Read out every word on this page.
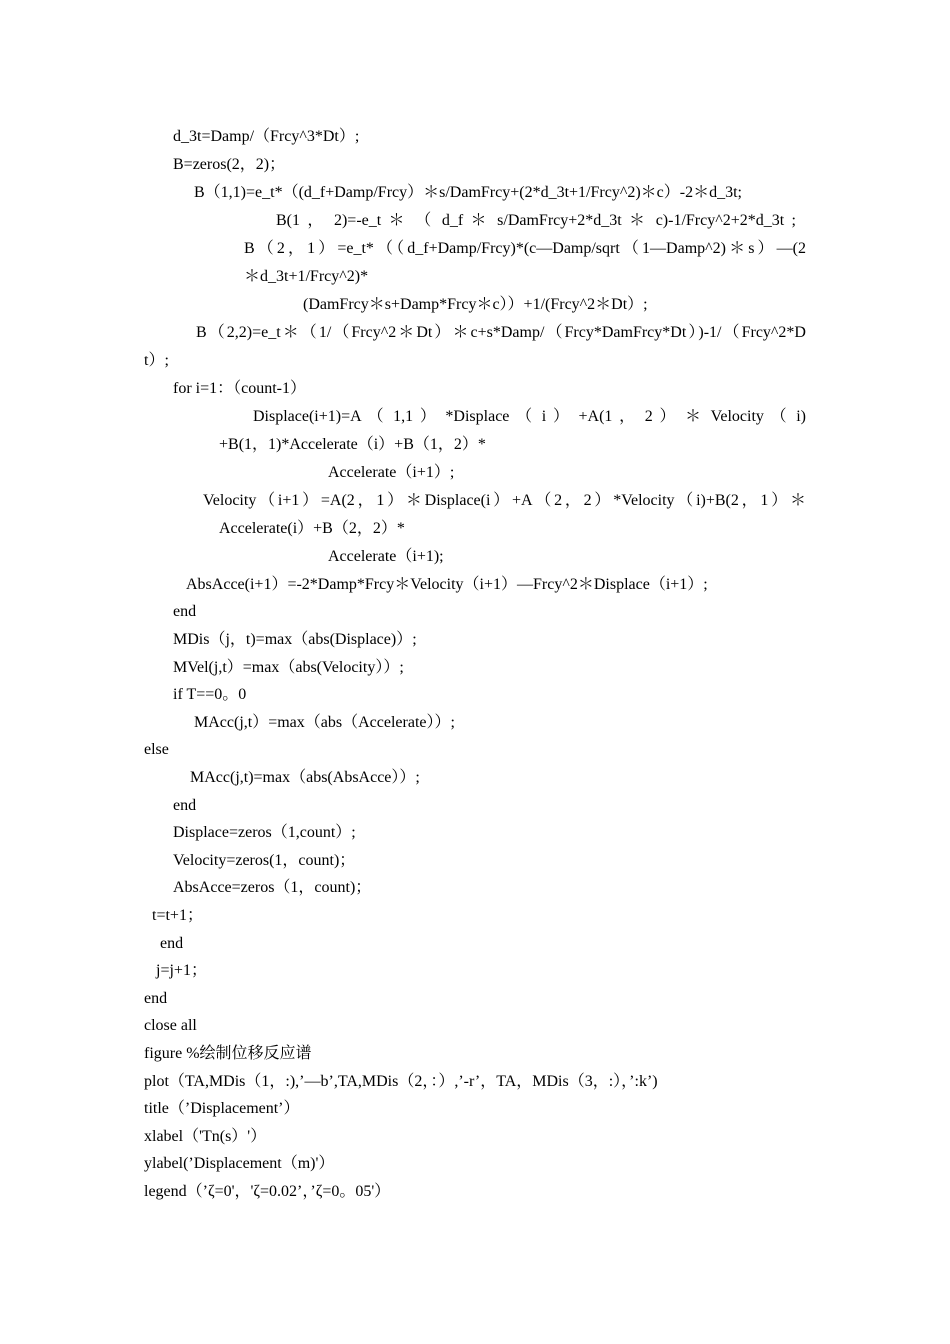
d_3t=Damp/（Frcy^3*Dt）;
B=zeros(2，2)；
B（1,1)=e_t*（(d_f+Damp/Frcy）＊s/DamFrcy+(2*d_3t+1/Frcy^2)＊c）-2＊d_3t;
B(1 ， 2)=-e_t ＊ （ d_f ＊ s/DamFrcy+2*d_3t ＊ c)-1/Frcy^2+2*d_3t ;
B（2，1）=e_t*（（d_f+Damp/Frcy)*(c—Damp/sqrt（1—Damp^2)＊s）—(2
＊d_3t+1/Frcy^2)*
(DamFrcy＊s+Damp*Frcy＊c））+1/(Frcy^2＊Dt）;
B（2,2)=e_t＊（1/（Frcy^2＊Dt）＊c+s*Damp/（Frcy*DamFrcy*Dt）)-1/（Frcy^2*D
t）;
for i=1：（count-1）
Displace(i+1)=A （ 1,1 ） *Displace （ i ） +A(1 ， 2 ） ＊ Velocity （ i)
+B(1，1)*Accelerate（i）+B（1，2）*
Accelerate（i+1）;
Velocity（i+1）=A(2，1）＊Displace(i）+A（2，2）*Velocity（i)+B(2，1）＊
Accelerate(i）+B（2，2）*
Accelerate（i+1);
AbsAcce(i+1）=-2*Damp*Frcy＊Velocity（i+1）—Frcy^2＊Displace（i+1）;
end
MDis（j，t)=max（abs(Displace)）;
MVel(j,t）=max（abs(Velocity））;
if T==0。0
MAcc(j,t）=max（abs（Accelerate））;
else
MAcc(j,t)=max（abs(AbsAcce））;
end
Displace=zeros（1,count）;
Velocity=zeros(1，count)；
AbsAcce=zeros（1，count)；
t=t+1；
end
j=j+1；
end
close all
figure %绘制位移反应谱
plot（TA,MDis（1，:),’—b’,TA,MDis（2，：）,’-r’，TA，MDis（3，:），’:k’)
title（’Displacement’）
xlabel（'Tn(s）'）
ylabel(’Displacement（m)'）
legend（’ζ=0'，'ζ=0.02’，’ζ=0。05'）
